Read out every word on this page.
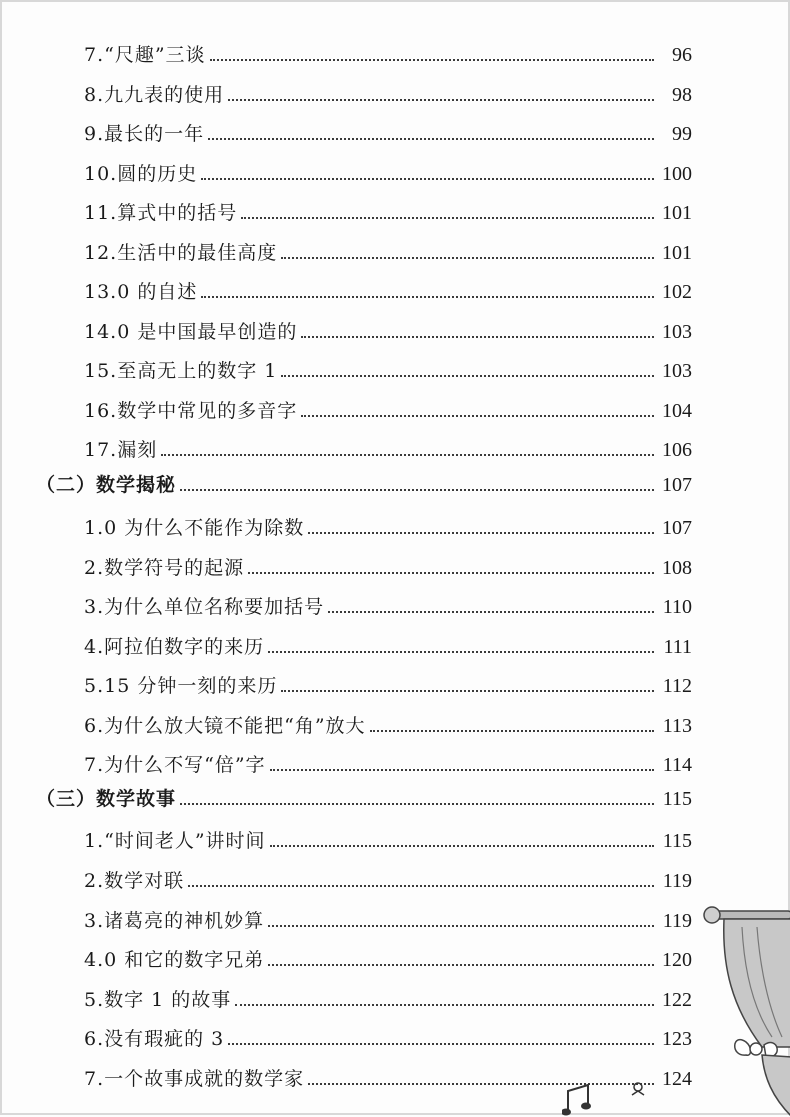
7.“尺趣”三谈	96
8.九九表的使用	98
9.最长的一年	99
10.圆的历史	100
11.算式中的括号	101
12.生活中的最佳高度	101
13.0 的自述	102
14.0 是中国最早创造的	103
15.至高无上的数字 1	103
16.数学中常见的多音字	104
17.漏刻	106
（二）数学揭秘	107
1.0 为什么不能作为除数	107
2.数学符号的起源	108
3.为什么单位名称要加括号	110
4.阿拉伯数字的来历	111
5.15 分钟一刻的来历	112
6.为什么放大镜不能把“角”放大	113
7.为什么不写“倍”字	114
（三）数学故事	115
1.“时间老人”讲时间	115
2.数学对联	119
3.诸葛亮的神机妙算	119
4.0 和它的数字兄弟	120
5.数字 1 的故事	122
6.没有瑕疵的 3	123
7.一个故事成就的数学家	124
